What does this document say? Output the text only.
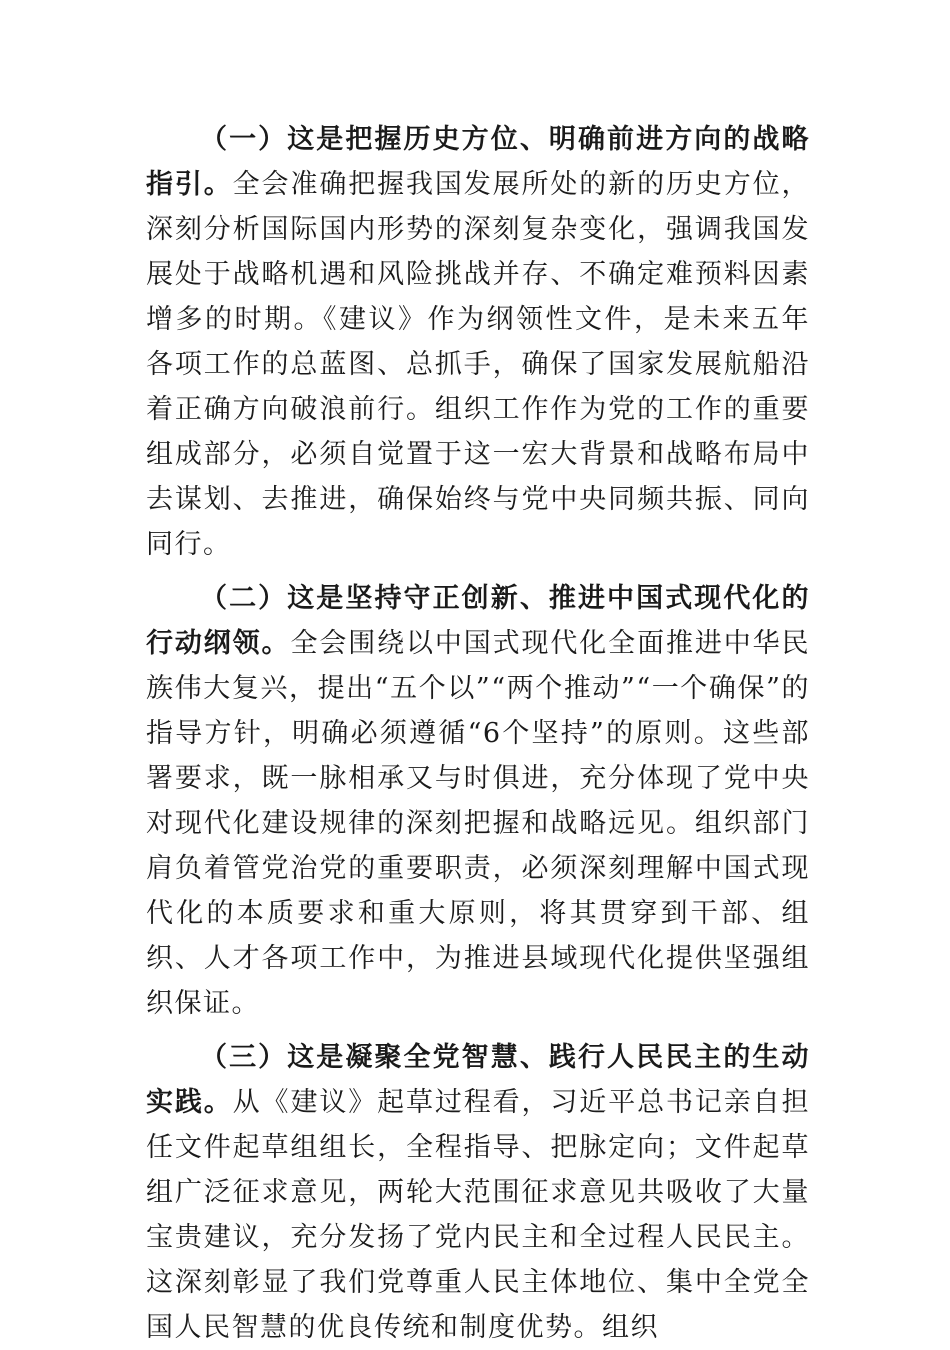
（一）这是把握历史方位、明确前进方向的战略指引。全会准确把握我国发展所处的新的历史方位，深刻分析国际国内形势的深刻复杂变化，强调我国发展处于战略机遇和风险挑战并存、不确定难预料因素增多的时期。《建议》作为纲领性文件，是未来五年各项工作的总蓝图、总抓手，确保了国家发展航船沿着正确方向破浪前行。组织工作作为党的工作的重要组成部分，必须自觉置于这一宏大背景和战略布局中去谋划、去推进，确保始终与党中央同频共振、同向同行。

（二）这是坚持守正创新、推进中国式现代化的行动纲领。全会围绕以中国式现代化全面推进中华民族伟大复兴，提出“五个以”“两个推动”“一个确保”的指导方针，明确必须遵循“6个坚持”的原则。这些部署要求，既一脉相承又与时俱进，充分体现了党中央对现代化建设规律的深刻把握和战略远见。组织部门肩负着管党治党的重要职责，必须深刻理解中国式现代化的本质要求和重大原则，将其贯穿到干部、组织、人才各项工作中，为推进县域现代化提供坚强组织保证。

（三）这是凝聚全党智慧、践行人民民主的生动实践。从《建议》起草过程看，习近平总书记亲自担任文件起草组组长，全程指导、把脉定向；文件起草组广泛征求意见，两轮大范围征求意见共吸收了大量宝贵建议，充分发扬了党内民主和全过程人民民主。这深刻彰显了我们党尊重人民主体地位、集中全党全国人民智慧的优良传统和制度优势。组织
